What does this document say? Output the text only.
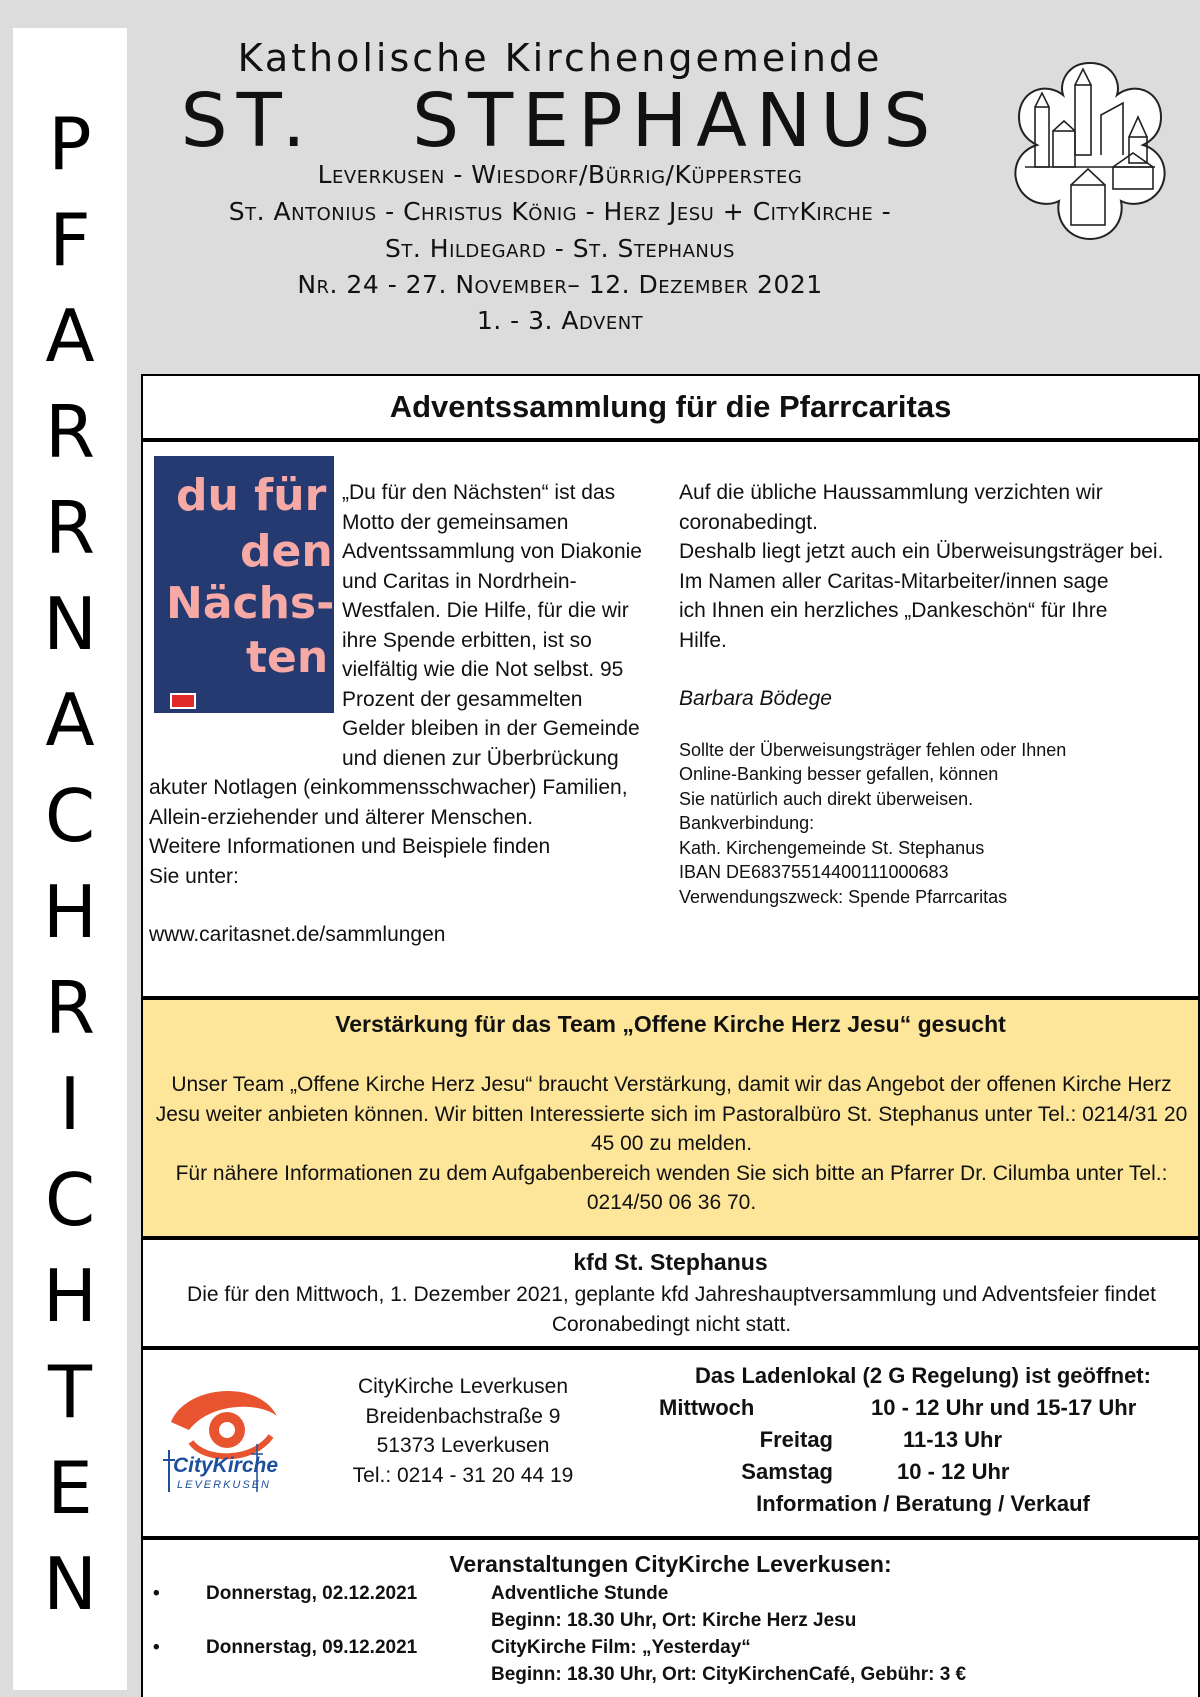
P
F
A
R
R
N
A
C
H
R
I
C
H
T
E
N
Katholische Kirchengemeinde
ST.   STEPHANUS
Leverkusen - Wiesdorf/Bürrig/Küppersteg
St. Antonius - Christus König - Herz Jesu + CityKirche -
St. Hildegard - St. Stephanus
Nr. 24 - 27. November– 12. Dezember 2021
1. - 3. Advent
Adventssammlung für die Pfarrcaritas
du für
den
Nächs-
ten
„Du für den Nächsten“ ist das Motto der gemeinsamen Adventssammlung von Diakonie und Caritas in Nordrhein-Westfalen. Die Hilfe, für die wir ihre Spende erbitten, ist so vielfältig wie die Not selbst. 95 Prozent der gesammelten Gelder bleiben in der Gemeinde und dienen zur Überbrückung akuter Notlagen (einkommensschwacher) Familien, Allein-erziehender und älterer Menschen.
Weitere Informationen und Beispiele finden Sie unter:
www.caritasnet.de/sammlungen
Auf die übliche Haussammlung verzichten wir coronabedingt.
Deshalb liegt jetzt auch ein Überweisungsträger bei.
Im Namen aller Caritas-Mitarbeiter/innen sage ich Ihnen ein herzliches „Dankeschön“ für Ihre Hilfe.
Barbara Bödege
Sollte der Überweisungsträger fehlen oder Ihnen
Online-Banking besser gefallen, können
Sie natürlich auch direkt überweisen.
Bankverbindung:
Kath. Kirchengemeinde St. Stephanus
IBAN DE68375514400111000683
Verwendungszweck: Spende Pfarrcaritas
Verstärkung für das Team „Offene Kirche Herz Jesu“ gesucht
Unser Team „Offene Kirche Herz Jesu“ braucht Verstärkung, damit wir das Angebot der offenen Kirche Herz Jesu weiter anbieten können. Wir bitten Interessierte sich im Pastoralbüro St. Stephanus unter Tel.: 0214/31 20 45 00 zu melden.
Für nähere Informationen zu dem Aufgabenbereich wenden Sie sich bitte an Pfarrer Dr. Cilumba unter Tel.: 0214/50 06 36 70.
kfd St. Stephanus
Die für den Mittwoch, 1. Dezember 2021, geplante kfd Jahreshauptversammlung und Adventsfeier findet Coronabedingt nicht statt.
CityKirche
LEVERKUSEN
CityKirche Leverkusen
Breidenbachstraße 9
51373 Leverkusen
Tel.: 0214 - 31 20 44 19
Das Ladenlokal (2 G Regelung) ist geöffnet:
Mittwoch	10 - 12 Uhr und 15-17 Uhr
Freitag	11-13 Uhr
Samstag	10 - 12 Uhr
Information / Beratung / Verkauf
Veranstaltungen CityKirche Leverkusen:
• Donnerstag, 02.12.2021	Adventliche Stunde
Beginn: 18.30 Uhr, Ort: Kirche Herz Jesu
• Donnerstag, 09.12.2021	CityKirche Film: „Yesterday“
Beginn: 18.30 Uhr, Ort: CityKirchenCafé, Gebühr: 3 €
